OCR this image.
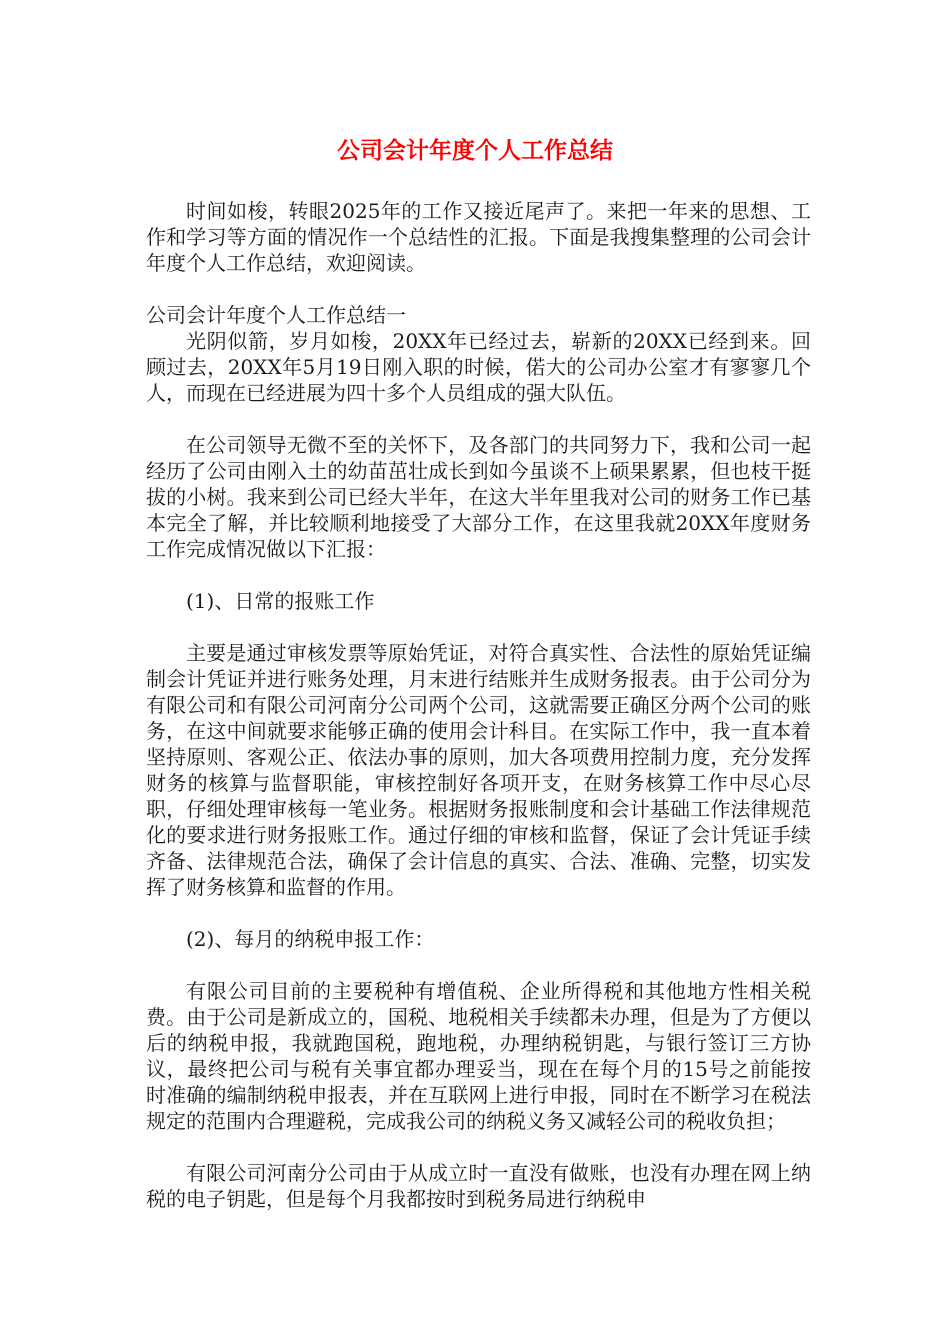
公司会计年度个人工作总结

时间如梭，转眼2025年的工作又接近尾声了。来把一年来的思想、工作和学习等方面的情况作一个总结性的汇报。下面是我搜集整理的公司会计年度个人工作总结，欢迎阅读。

公司会计年度个人工作总结一

光阴似箭，岁月如梭，20XX年已经过去，崭新的20XX已经到来。回顾过去，20XX年5月19日刚入职的时候，偌大的公司办公室才有寥寥几个人，而现在已经进展为四十多个人员组成的强大队伍。

在公司领导无微不至的关怀下，及各部门的共同努力下，我和公司一起经历了公司由刚入土的幼苗茁壮成长到如今虽谈不上硕果累累，但也枝干挺拔的小树。我来到公司已经大半年，在这大半年里我对公司的财务工作已基本完全了解，并比较顺利地接受了大部分工作，在这里我就20XX年度财务工作完成情况做以下汇报：

(1)、日常的报账工作

主要是通过审核发票等原始凭证，对符合真实性、合法性的原始凭证编制会计凭证并进行账务处理，月末进行结账并生成财务报表。由于公司分为有限公司和有限公司河南分公司两个公司，这就需要正确区分两个公司的账务，在这中间就要求能够正确的使用会计科目。在实际工作中，我一直本着坚持原则、客观公正、依法办事的原则，加大各项费用控制力度，充分发挥财务的核算与监督职能，审核控制好各项开支，在财务核算工作中尽心尽职，仔细处理审核每一笔业务。根据财务报账制度和会计基础工作法律规范化的要求进行财务报账工作。通过仔细的审核和监督，保证了会计凭证手续齐备、法律规范合法，确保了会计信息的真实、合法、准确、完整，切实发挥了财务核算和监督的作用。

(2)、每月的纳税申报工作：

有限公司目前的主要税种有增值税、企业所得税和其他地方性相关税费。由于公司是新成立的，国税、地税相关手续都未办理，但是为了方便以后的纳税申报，我就跑国税，跑地税，办理纳税钥匙，与银行签订三方协议，最终把公司与税有关事宜都办理妥当，现在在每个月的15号之前能按时准确的编制纳税申报表，并在互联网上进行申报，同时在不断学习在税法规定的范围内合理避税，完成我公司的纳税义务又减轻公司的税收负担；

有限公司河南分公司由于从成立时一直没有做账，也没有办理在网上纳税的电子钥匙，但是每个月我都按时到税务局进行纳税申
